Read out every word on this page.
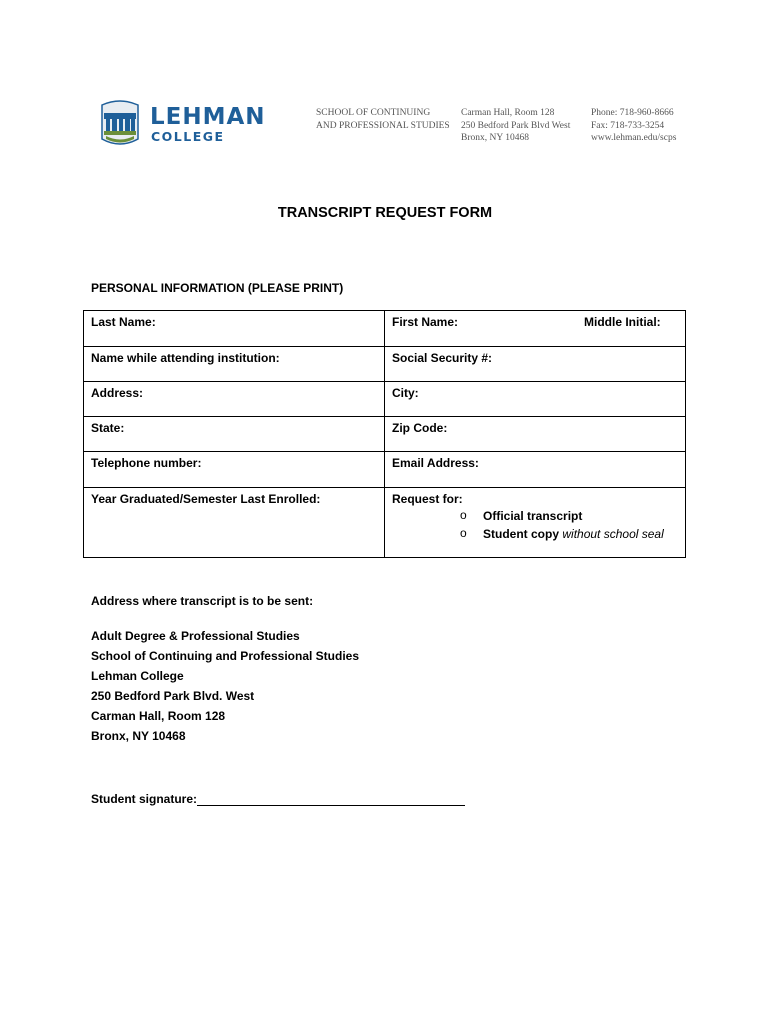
LEHMAN
COLLEGE
SCHOOL OF CONTINUING
AND PROFESSIONAL STUDIES
Carman Hall, Room 128
250 Bedford Park Blvd West
Bronx, NY 10468
Phone: 718-960-8666
Fax: 718-733-3254
www.lehman.edu/scps
TRANSCRIPT REQUEST FORM
PERSONAL INFORMATION (PLEASE PRINT)
Last Name:	First Name:	Middle Initial:
Name while attending institution:	Social Security #:
Address:	City:
State:	Zip Code:
Telephone number:	Email Address:
Year Graduated/Semester Last Enrolled:	Request for:
o Official transcript
o Student copy without school seal
Address where transcript is to be sent:
Adult Degree & Professional Studies
School of Continuing and Professional Studies
Lehman College
250 Bedford Park Blvd. West
Carman Hall, Room 128
Bronx, NY 10468
Student signature:
